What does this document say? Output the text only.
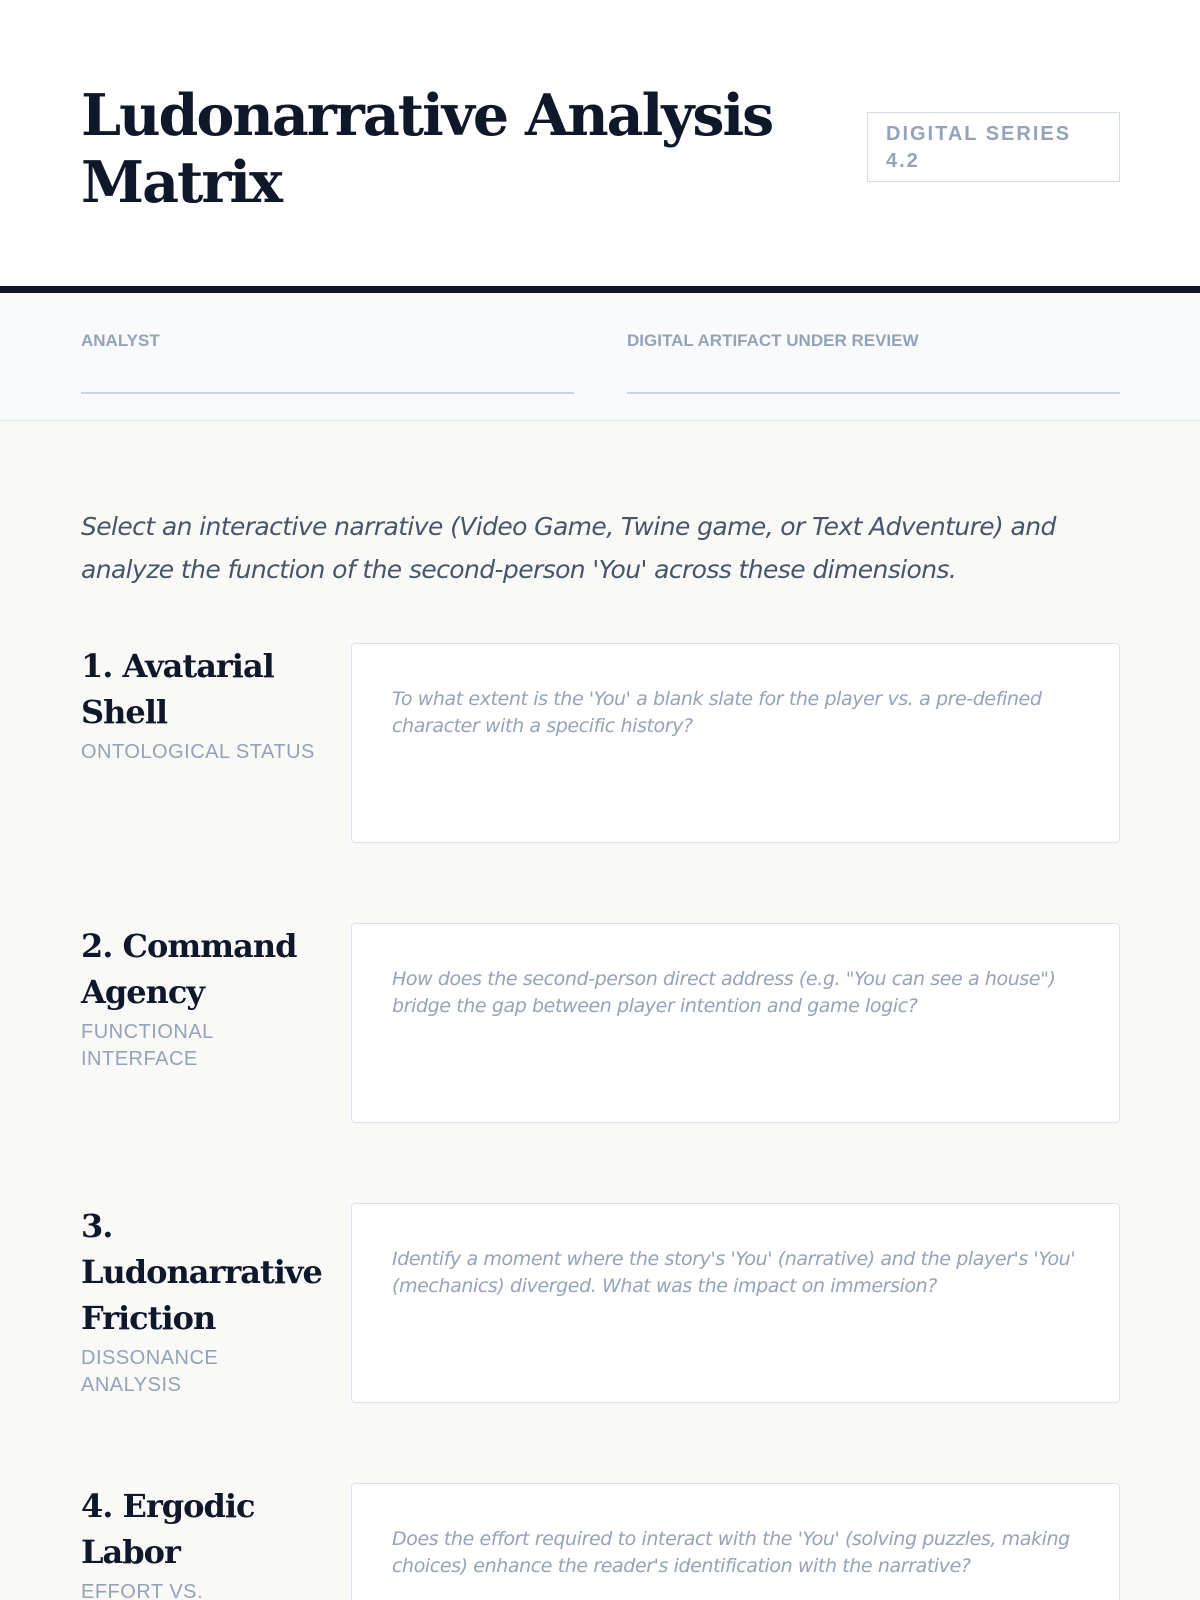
Ludonarrative Analysis Matrix
DIGITAL SERIES 4.2
ANALYST	DIGITAL ARTIFACT UNDER REVIEW

Select an interactive narrative (Video Game, Twine game, or Text Adventure) and analyze the function of the second-person 'You' across these dimensions.

1. Avatarial Shell
ONTOLOGICAL STATUS
To what extent is the 'You' a blank slate for the player vs. a pre-defined character with a specific history?
2. Command Agency
FUNCTIONAL INTERFACE
How does the second-person direct address (e.g. "You can see a house") bridge the gap between player intention and game logic?
3. Ludonarrative Friction
DISSONANCE ANALYSIS
Identify a moment where the story's 'You' (narrative) and the player's 'You' (mechanics) diverged. What was the impact on immersion?
4. Ergodic Labor
EFFORT VS.
Does the effort required to interact with the 'You' (solving puzzles, making choices) enhance the reader's identification with the narrative?
